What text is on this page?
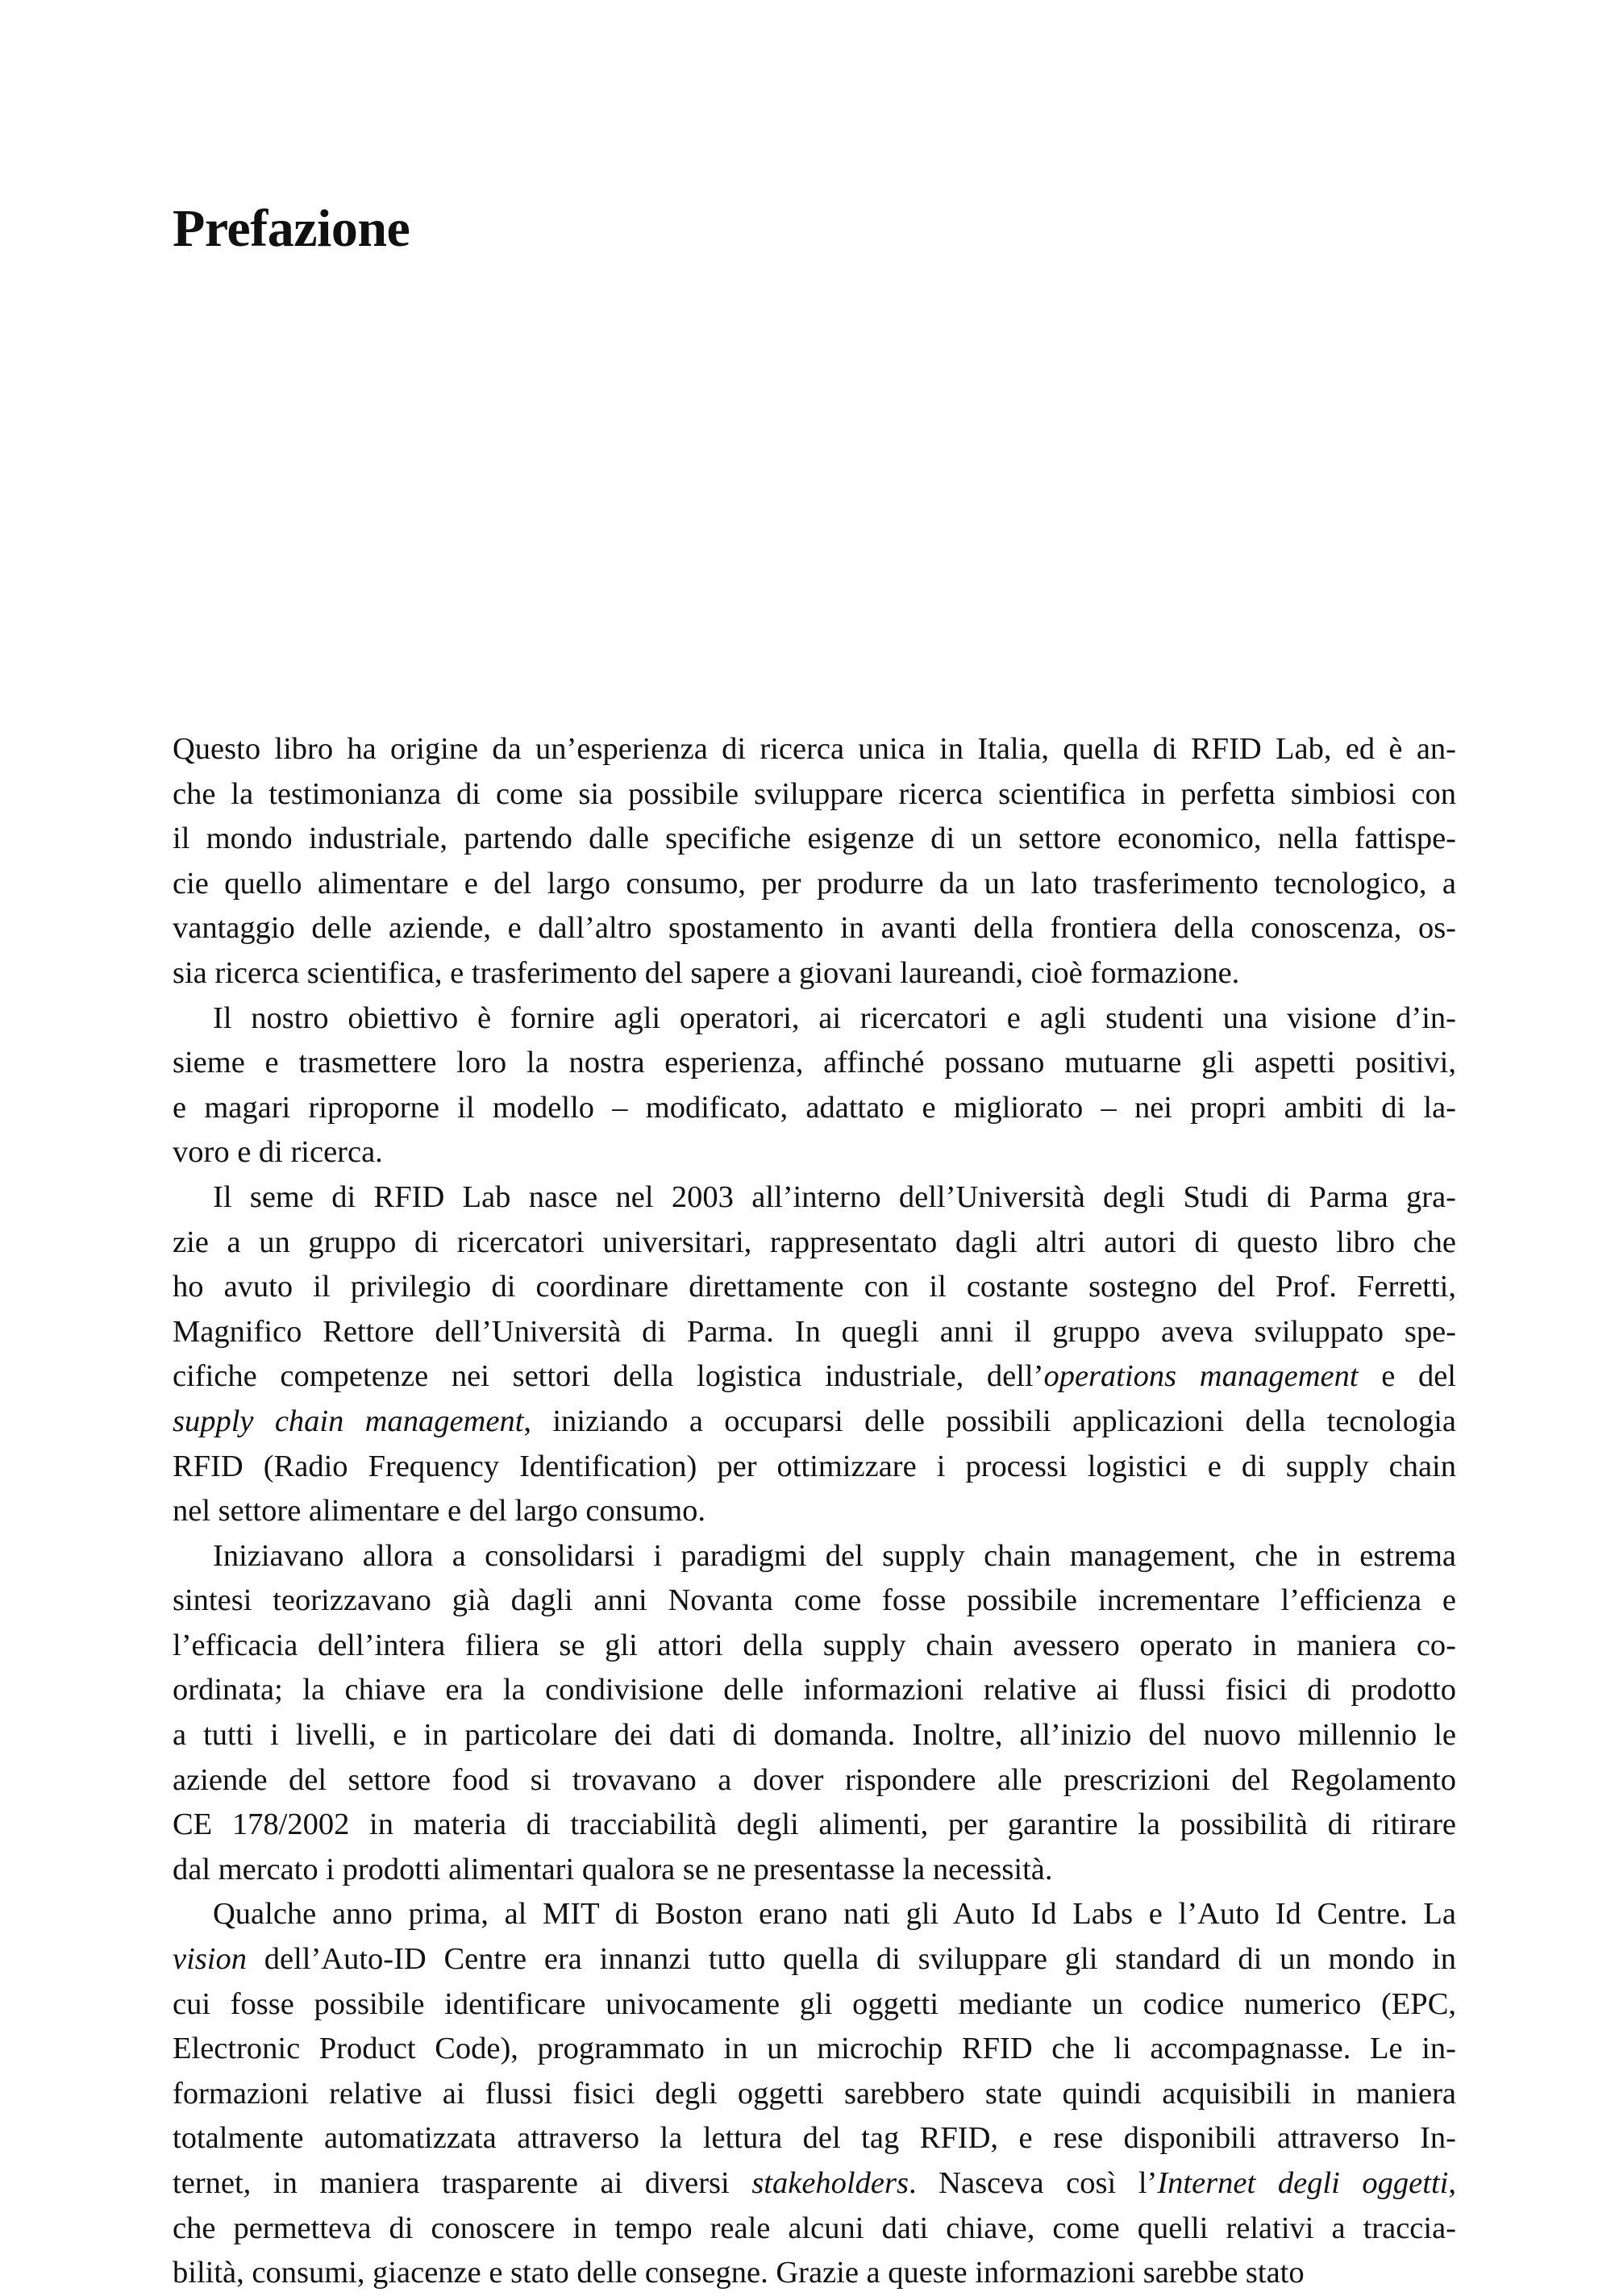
Prefazione
Questo libro ha origine da un’esperienza di ricerca unica in Italia, quella di RFID Lab, ed è an-
che la testimonianza di come sia possibile sviluppare ricerca scientifica in perfetta simbiosi con
il mondo industriale, partendo dalle specifiche esigenze di un settore economico, nella fattispe-
cie quello alimentare e del largo consumo, per produrre da un lato trasferimento tecnologico, a
vantaggio delle aziende, e dall’altro spostamento in avanti della frontiera della conoscenza, os-
sia ricerca scientifica, e trasferimento del sapere a giovani laureandi, cioè formazione.
Il nostro obiettivo è fornire agli operatori, ai ricercatori e agli studenti una visione d’in-
sieme e trasmettere loro la nostra esperienza, affinché possano mutuarne gli aspetti positivi,
e magari riproporne il modello – modificato, adattato e migliorato – nei propri ambiti di la-
voro e di ricerca.
Il seme di RFID Lab nasce nel 2003 all’interno dell’Università degli Studi di Parma gra-
zie a un gruppo di ricercatori universitari, rappresentato dagli altri autori di questo libro che
ho avuto il privilegio di coordinare direttamente con il costante sostegno del Prof. Ferretti,
Magnifico Rettore dell’Università di Parma. In quegli anni il gruppo aveva sviluppato spe-
cifiche competenze nei settori della logistica industriale, dell’operations management e del
supply chain management, iniziando a occuparsi delle possibili applicazioni della tecnologia
RFID (Radio Frequency Identification) per ottimizzare i processi logistici e di supply chain
nel settore alimentare e del largo consumo.
Iniziavano allora a consolidarsi i paradigmi del supply chain management, che in estrema
sintesi teorizzavano già dagli anni Novanta come fosse possibile incrementare l’efficienza e
l’efficacia dell’intera filiera se gli attori della supply chain avessero operato in maniera co-
ordinata; la chiave era la condivisione delle informazioni relative ai flussi fisici di prodotto
a tutti i livelli, e in particolare dei dati di domanda. Inoltre, all’inizio del nuovo millennio le
aziende del settore food si trovavano a dover rispondere alle prescrizioni del Regolamento
CE 178/2002 in materia di tracciabilità degli alimenti, per garantire la possibilità di ritirare
dal mercato i prodotti alimentari qualora se ne presentasse la necessità.
Qualche anno prima, al MIT di Boston erano nati gli Auto Id Labs e l’Auto Id Centre. La
vision dell’Auto-ID Centre era innanzi tutto quella di sviluppare gli standard di un mondo in
cui fosse possibile identificare univocamente gli oggetti mediante un codice numerico (EPC,
Electronic Product Code), programmato in un microchip RFID che li accompagnasse. Le in-
formazioni relative ai flussi fisici degli oggetti sarebbero state quindi acquisibili in maniera
totalmente automatizzata attraverso la lettura del tag RFID, e rese disponibili attraverso In-
ternet, in maniera trasparente ai diversi stakeholders. Nasceva così l’Internet degli oggetti,
che permetteva di conoscere in tempo reale alcuni dati chiave, come quelli relativi a traccia-
bilità, consumi, giacenze e stato delle consegne. Grazie a queste informazioni sarebbe stato
